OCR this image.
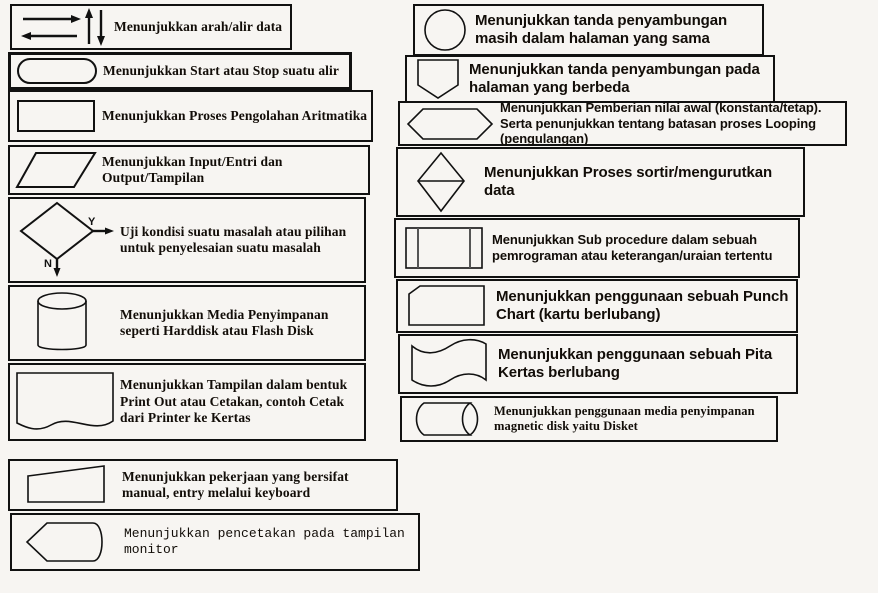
Menunjukkan arah/alir data
Menunjukkan Start atau Stop suatu alir
Menunjukkan Proses Pengolahan Aritmatika
Menunjukkan Input/Entri dan Output/Tampilan
Y
N
Uji kondisi suatu masalah atau pilihan untuk penyelesaian suatu masalah
Menunjukkan Media Penyimpanan seperti Harddisk atau Flash Disk
Menunjukkan Tampilan dalam bentuk Print Out atau Cetakan, contoh Cetak dari Printer ke Kertas
Menunjukkan pekerjaan yang bersifat manual, entry melalui keyboard
Menunjukkan pencetakan pada tampilan monitor
Menunjukkan tanda penyambungan masih dalam halaman yang sama
Menunjukkan tanda penyambungan pada halaman yang berbeda
Menunjukkan Pemberian nilai awal (konstanta/tetap). Serta penunjukkan tentang batasan proses Looping (pengulangan)
Menunjukkan Proses sortir/mengurutkan data
Menunjukkan Sub procedure dalam sebuah pemrograman atau keterangan/uraian tertentu
Menunjukkan penggunaan sebuah Punch Chart (kartu berlubang)
Menunjukkan penggunaan sebuah Pita Kertas berlubang
Menunjukkan penggunaan media penyimpanan magnetic disk yaitu Disket
